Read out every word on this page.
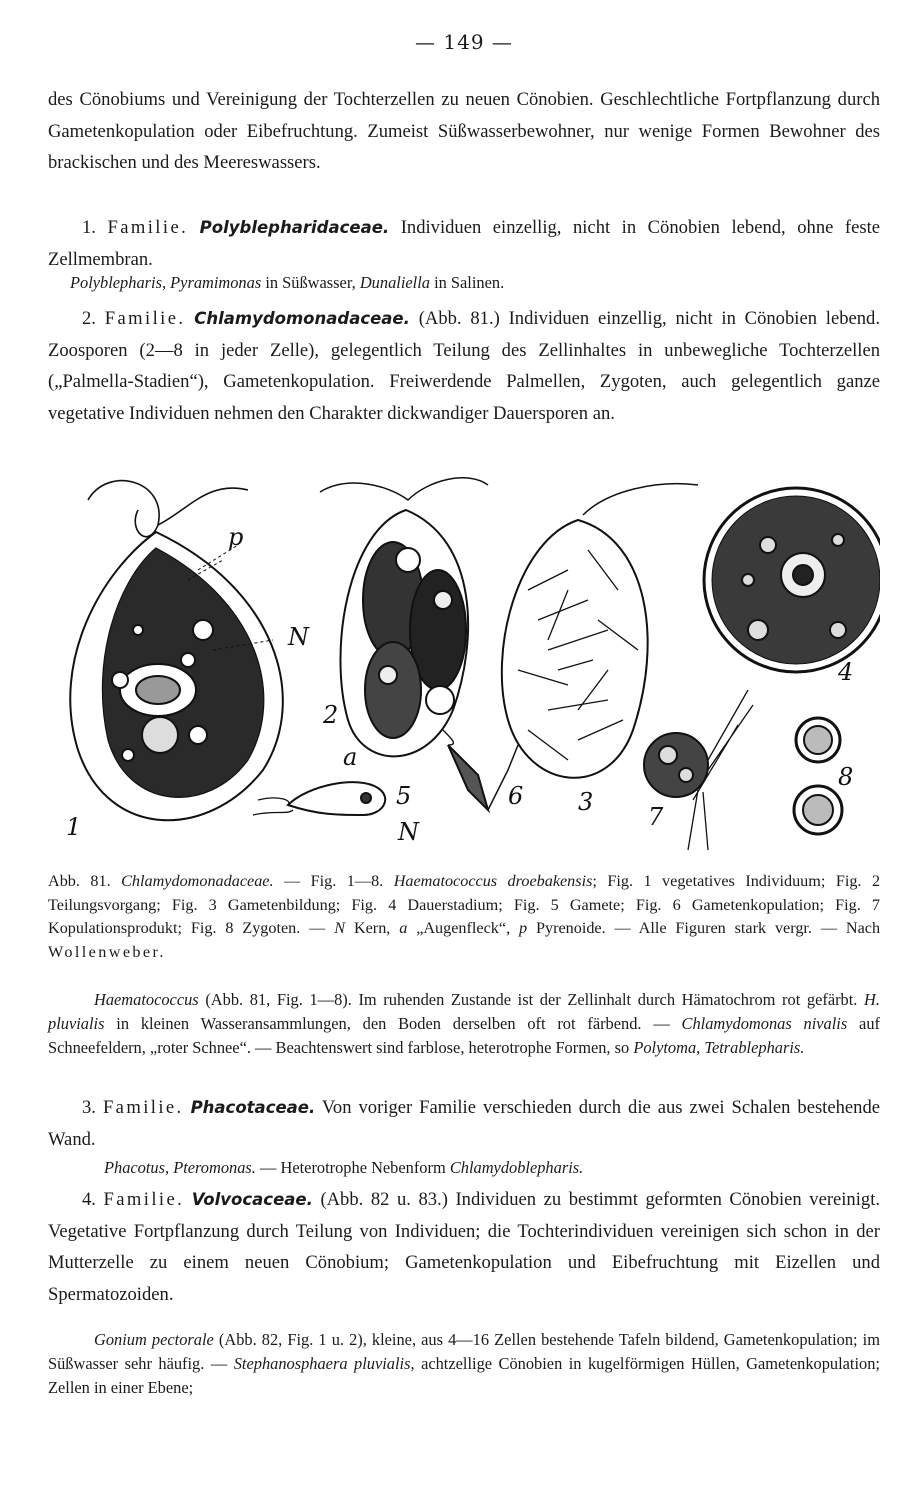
— 149 —

des Cönobiums und Vereinigung der Tochterzellen zu neuen Cönobien. Geschlechtliche Fortpflanzung durch Gametenkopulation oder Eibefruchtung. Zumeist Süßwasserbewohner, nur wenige Formen Bewohner des brackischen und des Meereswassers.

1. Familie. Polyblepharidaceae. Individuen einzellig, nicht in Cönobien lebend, ohne feste Zellmembran.

Polyblepharis, Pyramimonas in Süßwasser, Dunaliella in Salinen.

2. Familie. Chlamydomonadaceae. (Abb. 81.) Individuen einzellig, nicht in Cönobien lebend. Zoosporen (2—8 in jeder Zelle), gelegentlich Teilung des Zellinhaltes in unbewegliche Tochterzellen („Palmella-Stadien“), Gametenkopulation. Freiwerdende Palmellen, Zygoten, auch gelegentlich ganze vegetative Individuen nehmen den Charakter dickwandiger Dauersporen an.

p
N
1
2
3
4
5	6
7
8
a
N

Abb. 81. Chlamydomonadaceae. — Fig. 1—8. Haematococcus droebakensis; Fig. 1 vegetatives Individuum; Fig. 2 Teilungsvorgang; Fig. 3 Gametenbildung; Fig. 4 Dauerstadium; Fig. 5 Gamete; Fig. 6 Gametenkopulation; Fig. 7 Kopulationsprodukt; Fig. 8 Zygoten. — N Kern, a „Augenfleck“, p Pyrenoide. — Alle Figuren stark vergr. — Nach Wollenweber.

Haematococcus (Abb. 81, Fig. 1—8). Im ruhenden Zustande ist der Zellinhalt durch Hämatochrom rot gefärbt. H. pluvialis in kleinen Wasseransammlungen, den Boden derselben oft rot färbend. — Chlamydomonas nivalis auf Schneefeldern, „roter Schnee“. — Beachtenswert sind farblose, heterotrophe Formen, so Polytoma, Tetrablepharis.

3. Familie. Phacotaceae. Von voriger Familie verschieden durch die aus zwei Schalen bestehende Wand.

Phacotus, Pteromonas. — Heterotrophe Nebenform Chlamydoblepharis.

4. Familie. Volvocaceae. (Abb. 82 u. 83.) Individuen zu bestimmt geformten Cönobien vereinigt. Vegetative Fortpflanzung durch Teilung von Individuen; die Tochterindividuen vereinigen sich schon in der Mutterzelle zu einem neuen Cönobium; Gametenkopulation und Eibefruchtung mit Eizellen und Spermatozoiden.

Gonium pectorale (Abb. 82, Fig. 1 u. 2), kleine, aus 4—16 Zellen bestehende Tafeln bildend, Gametenkopulation; im Süßwasser sehr häufig. — Stephanosphaera pluvialis, achtzellige Cönobien in kugelförmigen Hüllen, Gametenkopulation; Zellen in einer Ebene;
